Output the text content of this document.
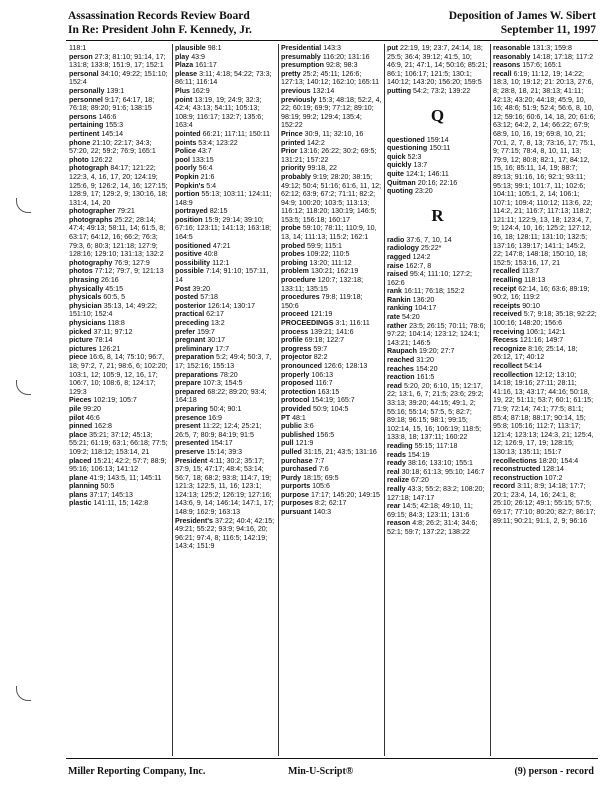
Assassination Records Review Board
In Re: President John F. Kennedy, Jr.
Deposition of James W. Sibert
September 11, 1997

118:1

person 27:3; 81:10; 91:14, 17; 131:8; 133:8; 151:9, 17; 152:1

personal 34:10; 49:22; 151:10; 152:4

personally 139:1

personnel 9:17; 64:17, 18; 76:18; 89:20; 91:6; 138:15

persons 146:6

pertaining 155:3

pertinent 145:14

phone 21:10; 22:17; 34:3; 57:20, 22; 59:2; 76:9; 165:1

photo 126:22

photograph 84:17; 121:22; 122:3, 4, 16, 17, 20; 124:19; 125:6, 9; 126:2, 14, 16; 127:15; 128:9, 17; 129:2, 9; 130:16, 18; 131:4, 14, 20

photographer 79:21

photographs 25:22; 28:14; 47:4; 49:13; 58:11, 14; 61:5, 8; 63:17; 64:12, 16; 66:2; 76:3; 79:3, 6; 80:3; 121:18; 127:9; 128:16; 129:10; 131:13; 132:2

photography 76:9; 127:9

photos 77:12; 79:7, 9; 121:13

phrasing 26:16

physically 45:15

physicals 60:5, 5

physician 35:13, 14; 49:22; 151:10; 152:4

physicians 118:8

picked 37:11; 97:12

picture 78:14

pictures 126:21

piece 16:6, 8, 14; 75:10; 96:7, 18; 97:2, 7, 21; 98:6, 6; 102:20; 103:1, 12; 105:9, 12, 16, 17; 106:7, 10; 108:6, 8; 124:17; 129:3

Pieces 102:19; 105:7

pile 99:20

pilot 46:6

pinned 162:8

place 35:21; 37:12; 45:13; 55:21; 61:19; 63:1; 66:18; 77:5; 109:2; 118:12; 153:14, 21

placed 15:21; 42:2; 57:7; 88:9; 95:16; 106:13; 141:12

plane 41:9; 143:5, 11; 145:11

planning 50:5

plans 37:17; 145:13

plastic 141:11, 15; 142:8

plausible 98:1

play 43:9

Plaza 161:17

please 3:11; 4:18; 54:22; 73:3; 86:11; 116:14

Plus 162:9

point 13:19, 19; 24:9; 32:3; 42:4; 43:13; 54:11; 105:13; 108:9; 116:17; 132:7; 135:6; 163:4

pointed 66:21; 117:11; 150:11

points 53:4; 123:22

Police 43:7

pool 133:15

poorly 56:4

Popkin 21:6

Popkin's 5:4

portion 55:13; 103:11; 124:11; 148:9

portrayed 82:15

position 15:9; 29:14; 39:10; 67:16; 123:11; 141:13; 163:18; 164:5

positioned 47:21

positive 40:8

possibility 112:1

possible 7:14; 91:10; 157:11, 14

Post 39:20

posted 57:18

posterior 126:14; 130:17

practical 62:17

preceding 13:2

prefer 159:7

pregnant 30:17

preliminary 17:7

preparation 5:2; 49:4; 50:3, 7, 17; 152:16; 155:13

preparations 78:20

prepare 107:3; 154:5

prepared 68:22; 89:20; 93:4; 164:18

preparing 50:4; 90:1

presence 16:9

present 11:22; 12:4; 25:21; 26:5, 7; 80:9; 84:19; 91:5

presented 154:17

preserve 15:14; 39:3

President 4:11; 30:2; 35:17; 37:9, 15; 47:17; 48:4; 53:14; 56:7, 18; 68:2; 93:8; 114:7, 19; 121:3; 122:5, 11, 16; 123:1; 124:13; 125:2; 126:19; 127:16; 143:6, 9, 14; 146:14; 147:1, 17; 148:9; 162:9; 163:13

President's 37:22; 40:4; 42:15; 49:21; 55:22; 93:9; 94:16, 20; 96:21; 97:4, 8; 116:5; 142:19; 143:4; 151:9

Presidential 143:3

presumably 116:20; 131:16

presumption 92:8; 98:3

pretty 25:2; 45:11; 126:6; 127:13; 140:12; 162:10; 165:11

previous 132:14

previously 15:3; 48:18; 52:2, 4, 22; 60:19; 69:9; 77:12; 89:10; 98:19; 99:2; 129:4; 135:4; 152:22

Prince 30:9, 11; 32:10, 16

printed 142:2

Prior 13:16; 26:22; 30:2; 69:5; 131:21; 157:22

priority 99:18, 22

probably 9:19; 28:20; 38:15; 49:12; 50:4; 51:16; 61:6, 11, 12; 62:12; 63:9; 67:2; 71:11; 82:2; 94:9; 100:20; 103:5; 113:13; 116:12; 118:20; 130:19; 146:5; 153:5; 156:18; 160:17

probe 59:10; 78:11; 110:9, 10, 13, 14; 111:13; 115:2; 162:1

probed 59:9; 115:1

probes 109:22; 110:5

probing 13:20; 111:12

problem 130:21; 162:19

procedure 120:7; 132:18; 133:11; 135:15

procedures 79:8; 119:18; 150:6

proceed 121:19

PROCEEDINGS 3:1; 116:11

process 139:21; 141:6

profile 69:18; 122:7

progress 59:7

projector 82:2

pronounced 126:6; 128:13

properly 106:13

proposed 116:7

protection 163:15

protocol 154:19; 165:7

provided 50:9; 104:5

PT 48:1

public 3:6

published 156:5

pull 121:9

pulled 31:15, 21; 43:5; 131:16

purchase 7:7

purchased 7:6

Purdy 18:15; 69:5

purports 105:6

purpose 17:17; 145:20; 149:15

purposes 8:2; 62:17

pursuant 140:3

put 22:19, 19; 23:7, 24:14, 18; 25:5; 36:4; 39:12; 41:5, 10; 46:9, 21; 47:1, 14; 50:16; 85:21; 86:1; 106:17; 121:5; 130:1; 140:12; 143:20; 156:20; 159:5

putting 54:2; 73:2; 139:22

Q

questioned 159:14

questioning 150:11

quick 52:3

quickly 13:7

quite 124:1; 146:11

Quitman 20:16; 22:16

quoting 23:20

R

radio 37:6, 7, 10, 14

radiology 25:22*

ragged 124:2

raise 162:7, 8

raised 95:4; 111:10; 127:2; 162:6

rank 16:11; 76:18; 152:2

Rankin 136:20

ranking 104:17

rate 54:20

rather 23:5; 26:15; 70:11; 78:6; 97:22; 104:14; 123:12; 124:1; 143:21; 146:5

Raupach 19:20; 27:7

reached 31:20

reaches 154:20

reaction 161:5

read 5:20, 20; 6:10, 15; 12:17, 22; 13:1, 6, 7; 21:5; 23:6; 29:2; 33:13; 39:20; 44:15; 49:1, 2; 55:16; 55:14; 57:5, 5; 82:7; 89:18; 96:15; 98:1; 99:15; 102:14, 15, 16; 106:19; 118:5; 133:8, 18; 137:11; 160:22

reading 55:15; 117:18

reads 154:19

ready 38:16; 133:10; 155:1

real 30:18; 61:13; 95:10; 146:7

realize 67:20

really 43:3; 55:2; 83:2; 108:20; 127:18; 147:17

rear 14:5; 42:18; 49:10, 11; 69:15; 84:3; 123:11; 131:6

reason 4:8; 26:2; 31:4; 34:6; 52:1; 59:7; 137:22; 138:22

reasonable 131:3; 159:8

reasonably 14:18; 17:18; 117:2

reasons 157:6; 165:1

recall 6:19; 11:12, 19; 14:22; 18:3, 10; 19:12; 21: 20:13, 27:6, 8; 28:8, 18, 21; 38:13; 41:11; 42:13; 43:20; 44:18; 45:9, 10, 16; 48:6; 51:9; 52:4; 56:6, 8, 10, 12; 59:16; 60:6, 14, 18, 20; 61:6; 63:12; 64:2, 2, 14; 66:22; 67:9; 68:9, 10, 16, 19; 69:8, 10, 21; 70:1, 2, 7, 8, 13; 73:16, 17; 75:1, 9; 77:15; 78:4, 8, 10, 11, 13; 79:9, 12; 80:8; 82:1, 17; 84:12, 15, 16; 85:11, 14, 19; 88:7; 89:13; 91:16, 16; 92:1; 93:11; 95:13; 99:1; 101:7, 11; 102:6; 104:11; 105:1, 2, 14; 106:1; 107:1; 109:4; 110:12; 113:6, 22; 114:2, 21; 116:7; 117:13; 118:2; 121:11; 122:9, 13, 18; 123:4, 7, 9; 124:4, 10, 16; 125:2; 127:12, 16, 18; 128:11; 131:10; 132:5; 137:16; 139:17; 141:1; 145:2, 22; 147:8; 148:18; 150:10, 18; 152:5; 153:16, 17, 21

recalled 113:7

recalling 118:13

receipt 62:14, 16; 63:6; 89:19; 90:2, 16; 119:2

receipts 90:10

received 5:7; 9:18; 35:18; 92:22; 100:16; 148:20; 156:6

receiving 106:1; 142:1

Recess 121:16; 149:7

recognize 8:16; 25:14, 18; 26:12, 17; 40:12

recollect 54:14

recollection 12:12; 13:10; 14:18; 19:16; 27:11; 28:11; 41:16, 13; 43:17; 44:16; 50:18, 19, 22; 51:11; 53:7; 60:1; 61:15; 71:9; 72:14; 74:1; 77:5; 81:1; 85:4; 87:18; 88:17; 90:14, 15; 95:8; 105:16; 112:7; 113:17; 121:4; 123:13; 124:3, 21; 125:4, 12; 126:9, 17, 19; 128:15; 130:13; 135:11; 151:7

recollections 18:20; 154:4

reconstructed 128:14

reconstruction 107:2

record 3:11; 8:9; 14:18; 17:7; 20:1; 23:4, 14, 16; 24:1, 8; 25:10; 26:12; 49:1; 55:15; 57:5; 69:17; 77:10; 80:20; 82:7; 86:17; 89:11; 90:21; 91:1, 2, 9; 96:16

Miller Reporting Company, Inc.	Min-U-Script®	(9) person - record
